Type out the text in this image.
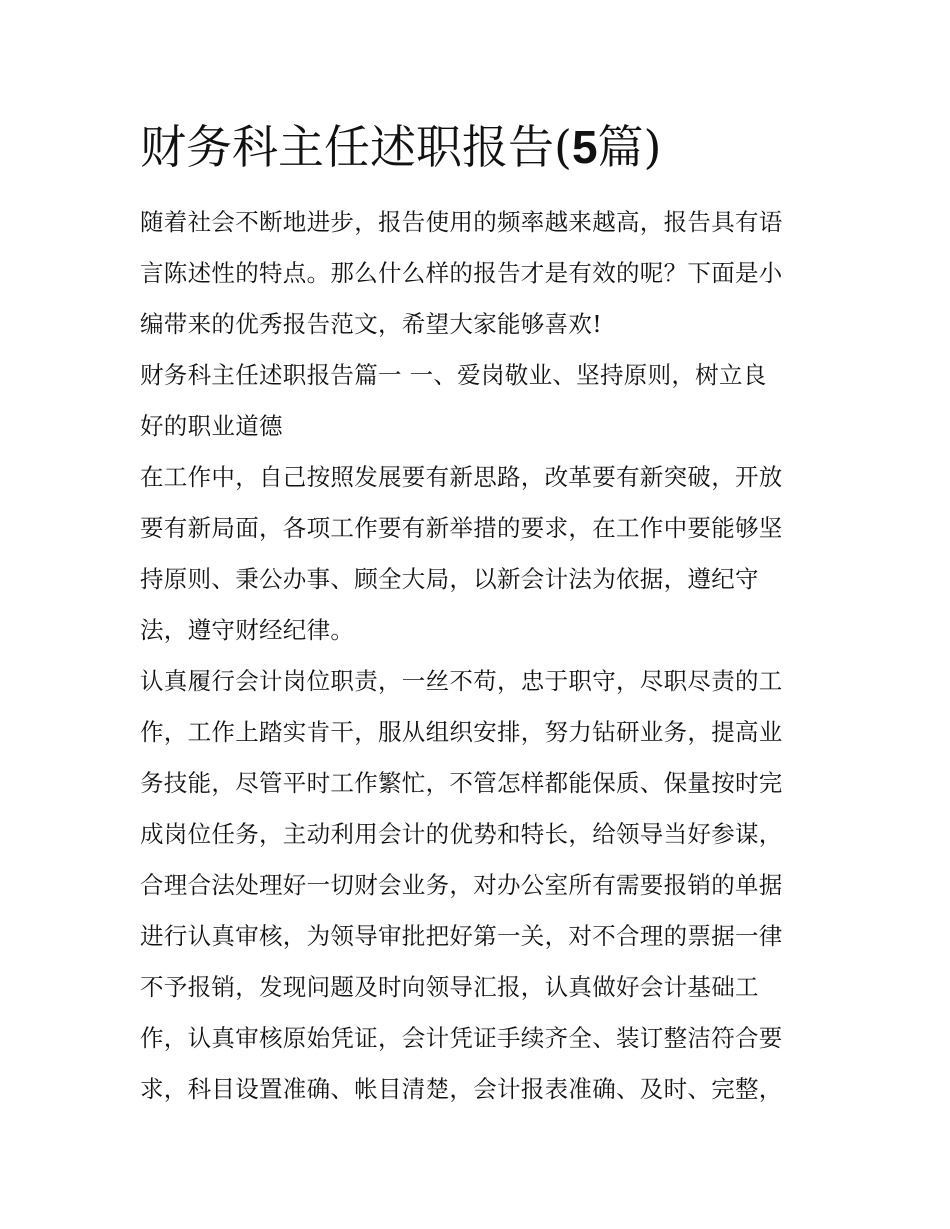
财务科主任述职报告(5篇)
随着社会不断地进步，报告使用的频率越来越高，报告具有语
言陈述性的特点。那么什么样的报告才是有效的呢？下面是小
编带来的优秀报告范文，希望大家能够喜欢!
财务科主任述职报告篇一 一、爱岗敬业、坚持原则，树立良
好的职业道德
在工作中，自己按照发展要有新思路，改革要有新突破，开放
要有新局面，各项工作要有新举措的要求，在工作中要能够坚
持原则、秉公办事、顾全大局，以新会计法为依据，遵纪守
法，遵守财经纪律。
认真履行会计岗位职责，一丝不苟，忠于职守，尽职尽责的工
作，工作上踏实肯干，服从组织安排，努力钻研业务，提高业
务技能，尽管平时工作繁忙，不管怎样都能保质、保量按时完
成岗位任务，主动利用会计的优势和特长，给领导当好参谋，
合理合法处理好一切财会业务，对办公室所有需要报销的单据
进行认真审核，为领导审批把好第一关，对不合理的票据一律
不予报销，发现问题及时向领导汇报，认真做好会计基础工
作，认真审核原始凭证，会计凭证手续齐全、装订整洁符合要
求，科目设置准确、帐目清楚，会计报表准确、及时、完整，
